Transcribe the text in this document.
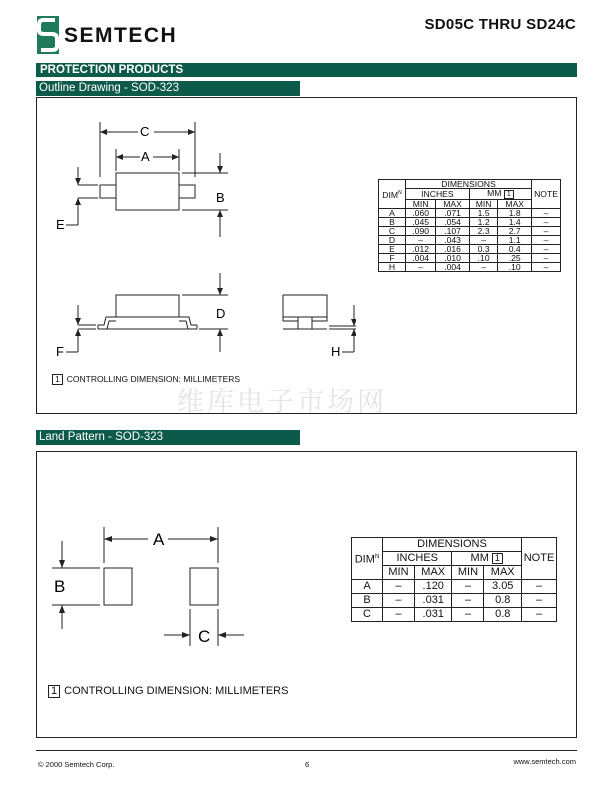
SEMTECH	SD05C THRU SD24C
PROTECTION PRODUCTS
Outline Drawing - SOD-323
C
A
B
E
D
F	H
1 CONTROLLING DIMENSION: MILLIMETERS
$DIM^N$	DIMENSIONS				NOTE
	INCHES		MM 1		
	MIN	MAX	MIN	MAX	
A	.060	.071	1.5	1.8	–
B	.045	.054	1.2	1.4	–
C	.090	.107	2.3	2.7	–
D	–	.043	–	1.1	–
E	.012	.016	0.3	0.4	–
F	.004	.010	.10	.25	–
H	–	.004	–	.10	–
维库电子市场网
Land Pattern - SOD-323
A
B
C
1 CONTROLLING DIMENSION: MILLIMETERS
$DIM^N$	DIMENSIONS				NOTE
	INCHES		MM 1		
	MIN	MAX	MIN	MAX	
A	–	.120	–	3.05	–
B	–	.031	–	0.8	–
C	–	.031	–	0.8	–
© 2000 Semtech Corp.	6	www.semtech.com
